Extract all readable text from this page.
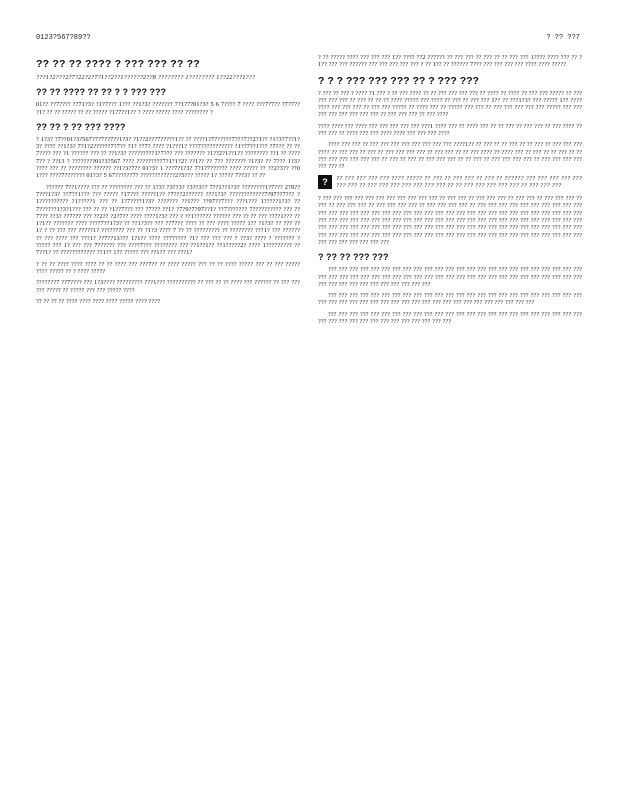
0123?567?89??	? ?? ??7
?? ?? ?? ???? ? ??? ??? ?? ??
???1?2???2?7?22?2?7?1??2??1??????2??8 ???????? 1???????? 1??22???1???
?? ?? ???? ?? ?? ? ? ??? ???
01?? ??7???? ??71?3? ?1?7??? 1??? ??1?3? ??????? 7?1?7?01?3? 5 6 7???? 7 ???? ???7?7?? ?7?7?? ?1? ?? ?? ????? ?? ?? ????? ?1?7??1?? ? ???? ????? ???? ???????? ?
?? ?? ? ?? ??? ????
? 1?3? ?7??01?3?567?7?7??7??1?3? ?1??2???7?????1?? ?? ????1?7??????7???7??2?1?? ?1?3?7??1?3? ???? ??1?3? 7?1?2??????7?7?? ?1? ??7? ???? ?1???1? ???7??????????? ?1??7??1??? ?7??? ?? ??7???? ??? ?1 ?????? ??? ?? ??1?3? ?????????1?7??? ??? ??????? ?1??2?1??1?? ???????? ??1 ?? ????7?? ? ??13 ? ????????01?3?567 ???? ?????????7?1?1?2? ??1?? ?? 7?? ??????? ?1?3? ?? 7??? 1?3? ???? ??? ?? ???????? ?????? ??1?3?7?? 01?3? 1 ???7?1?3? 7?1?7?????? ???? ????? ?? ??2?3?? ??01??? ????7??????? 01?3? 5 67??????7? ????????????2?5??? ????? 1? ????? 7??3? ?? ??
?????? 7??1???? ??? ?? ???????? ??? ?? 1?3? ?3??3? ?3??3?? 7??1??1?3? ????????1?7??? 2?9??7???1?3? ??7??1??? ??? ????? ?17??? ?????1?? ?7???2?????? ???1?3? ????????????7?97??7??? ?1?????????? ?1?????1 ??? ?? 1?7????1?3? ??????? ??1??? ??97??7??? ???1??? 1?????1?3? ??7??????1?3?1??? ??? ?? ?? ?1??7??? ??? ?7??? ??1? ?7?9?7?97??1? ??7??????? 7?????????? ??? ??7??? ??3? ??7??? ??? ??2?? ?2?7?? ???? ????1?3? ??? ? ??1?????? ?????? ??? ?? ?? ??? ????1??? ??1?1?? ??????? ???? ????7??1?3? ?? ??1?3?? ??? ??7??? ???? ?? ??? ???? ????? 1?? ?1?3? ?? ??? ??1? ? ?? ??? ??? ?????1? ???????? ??? ?? ?1?3 ???? 7 ?? ?? ????????? ?? ???????? ???1? ??? ?????? ?? ??? ???? ??? ???1? ??7??13??? 1?1?? ???? ??7????? ?1? ??? ??? ??? ? ??3? ???? ? ??????? ? ????? ??? 1? ??? ??? 7?????? ??? ????7??? ???????? ??? ??1??1?? ??1?????2? ???? 1????????? ?? 7??1? ?? ???????????? ??1?? 1?? ????? ??? ??1?? ??? ???1?
? ?? ?? ???? ???? ???? ?? ?? ???? ??? ???7?? ?? ???? ????? ??? ?? ?? ???? ????? ??? ?? ??? ????? ???? ????? ?? ? ???? ?????
???????7 ??7???? ??? 1?3???? ????????? ???1??? ?????????? ?? ??? ?? ?? ???? ??? ?????? ?? ??? ??? ??? ????? ?? ????? ??? ??? ????? ????
?? ?? ?? ?? ???? ???? ???? ???? ????? ???? ????
? ?? ????? ???? ??? ??? ??? 1?? ???? ??2 ?????? ?? ??? ??? ?? ??? ?? ?? ??? ??? 1???? ???? ??? ?? ?1?? ??? ??? ?????? ??? ??? ??? ??? ??? ? ?? 1?? ?? ?????? 7??? ??? ??? ??? ??? ???? ???? ?????
? ? ? ??? ??? ??? ?? ? ??? ???
? ??? ?? ??? ? ???? ?1 ??? ? ?? ??? ???? ?? ?? ??? ??? ??? ??? ?? ???? ?? ???? ?? ??? ??? ????? ?? ??? ??? ??? ??? ?? ??? ?? ?? ?? ???? ????? ??? ???? ?? ??? ?? ??? ??? 1?? ?? ???1?3? ??? ????? 1?? ???? ???? ??? ??? ??? ?? ??? ??? ????? ?? ???? ??? ?? ????? ??? ??? ?? ??? ??? ??? ??? ??? ????? ??? ??? ??? ??? ??? ??? ??? ??? ?? ??? ??? ??? ?? ??? ????
???? ???? ??? ???? ??? ??? ??? ??? ??? ???1 ???? ??? ?? ???? ??? ?? ?? ??? ?? ??? ??? ?? ??? ???? ?? ??? ??? ?? ???? ??? ??? ???? ???? ??? ??? ??? ????
???? ??? ??? ?? ??? ??? ??? ??? ??? ??? ??? ??? ????1?? ?? ??? ?? ?? ??? ?? ?? ??? ?? ??? ??? ??? ???? ?? ??? ??? ?? ??? ?? ??? ??? ??? ??? ?? ??? ??? ?? ?? ??? ???? ?? ???? ??? ?? ??? ?? ?? ??? ?? ?? ??? ??? ??? ??? ??? ??? ?? ??? ?? ??? ?? ??? ??? ??? ?? ?? ??? ?? ??? ??? ??? ??? ?? ??? ??? ??? ??? ??? ??? ??
?	?? ??? ??? ??? ??? ???? ????? ?? ??? ?? ??? ??? ?? ??? ?? ?????? ??? ??? ??? ??? ??? ??? ??? ?? ??? ??? ??? ??? ??? ??? ??? ?? ?? ??? ??? ??? ??? ??? ?? ??? ??? ???
? ??? ??? ??? ??? ??? ??? ??? ??? ??? ??? ??? ?? ??? ??? ?? ??? ??? ??? ?? ??? ??? ?? ??? ??? ??? ?? ??? ?? ??? ??? ??? ?? ??? ??? ??? ??? ?? ??? ??? ??? ??? ?? ??? ??? ??? ??? ??? ??? ??? ??? ??? ??? ??? ??? ??? ??? ??? ??? ??? ??? ??? ??? ??? ??? ??? ??? ??? ??? ??? ??? ??? ??? ??? ??? ??? ??? ??? ??? ??? ??? ??? ??? ??? ??? ??? ??? ??? ??? ??? ??? ??? ??? ??? ??? ??? ??? ??? ??? ??? ??? ??? ??? ??? ??? ??? ??? ??? ??? ??? ??? ??? ??? ??? ??? ??? ??? ??? ??? ??? ??? ??? ??? ??? ??? ??? ??? ??? ??? ??? ??? ??? ??? ??? ??? ??? ??? ??? ??? ??? ??? ??? ??? ??? ??? ??? ??? ??? ??? ??? ??? ??? ??? ??? ??? ??? ??? ??? ??? ???
? ?? ?? ??? ???
??? ??? ??? ??? ??? ??? ??? ??? ??? ??? ??? ??? ??? ??? ??? ??? ??? ??? ??? ??? ??? ??? ??? ??? ??? ??? ??? ??? ??? ??? ??? ??? ??? ??? ??? ??? ??? ??? ??? ??? ??? ??? ??? ??? ??? ??? ??? ??? ??? ??? ??? ??? ??? ??? ??? ??? ??? ??? ??? ???
??? ??? ??? ??? ??? ??? ??? ??? ??? ??? ??? ??? ??? ??? ??? ??? ??? ??? ??? ??? ??? ??? ??? ??? ??? ??? ??? ??? ??? ??? ??? ??? ??? ??? ??? ??? ??? ??? ??? ??? ??? ??? ??? ??? ???
??? ??? ??? ??? ??? ??? ??? ??? ??? ??? ??? ??? ??? ??? ??? ??? ??? ??? ??? ??? ??? ??? ??? ??? ??? ??? ??? ??? ??? ??? ??? ??? ??? ??? ??? ??? ???
